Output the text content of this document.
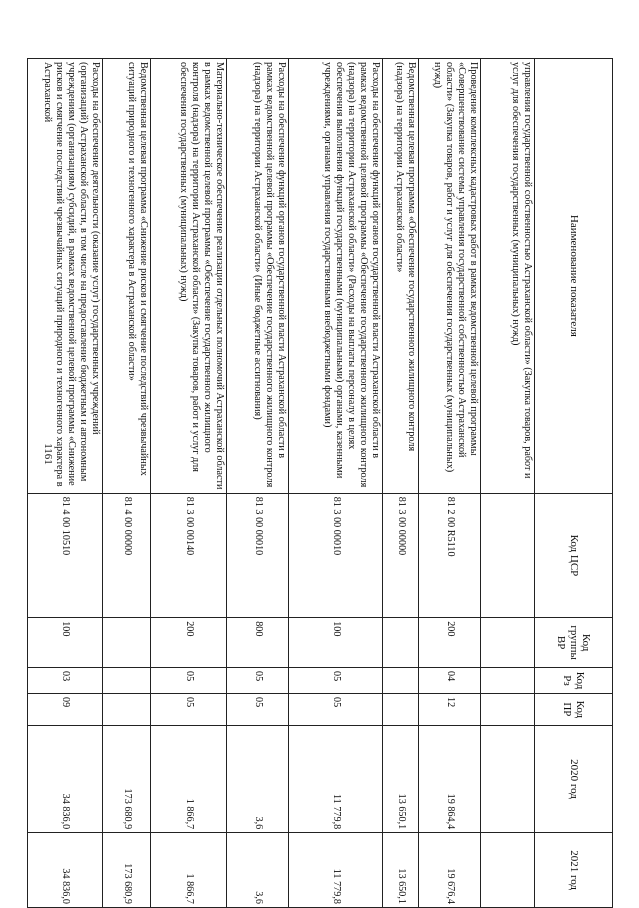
1161
Наименование показателя	Код ЦСР	Код группы ВР	Код Рз	Код ПР	2020 год	2021 год
управления государственной собственностью Астраханской области» (Закупка товаров, работ и услуг для обеспечения государственных (муниципальных) нужд)						
Проведение комплексных кадастровых работ в рамках ведомственной целевой программы «Совершенствование системы управления государственной собственностью Астраханской области» (Закупка товаров, работ и услуг для обеспечения государственных (муниципальных) нужд)	81 2 00 R5110	200	04	12	19 864,4	19 676,4
Ведомственная целевая программа «Обеспечение государственного жилищного контроля (надзора) на территории Астраханской области»	81 3 00 00000				13 650,1	13 650,1
Расходы на обеспечение функций органов государственной власти Астраханской области в рамках ведомственной целевой программы «Обеспечение государственного жилищного контроля (надзора) на территории Астраханской области» (Расходы на выплаты персоналу в целях обеспечения выполнения функций государственными (муниципальными) органами, казенными учреждениями, органами управления государственными внебюджетными фондами)	81 3 00 00010	100	05	05	11 779,8	11 779,8
Расходы на обеспечение функций органов государственной власти Астраханской области в рамках ведомственной целевой программы «Обеспечение государственного жилищного контроля (надзора) на территории Астраханской области» (Иные бюджетные ассигнования)	81 3 00 00010	800	05	05	3,6	3,6
Материально-техническое обеспечение реализации отдельных полномочий Астраханской области в рамках ведомственной целевой программы «Обеспечение государственного жилищного контроля (надзора) на территории Астраханской области» (Закупка товаров, работ и услуг для обеспечения государственных (муниципальных) нужд)	81 3 00 00140	200	05	05	1 866,7	1 866,7
Ведомственная целевая программа «Снижение рисков и смягчение последствий чрезвычайных ситуаций природного и техногенного характера в Астраханской области»	81 4 00 00000				173 680,9	173 680,9
Расходы на обеспечение деятельности (оказание услуг) государственных учреждений (организаций) Астраханской области, в том числе на предоставление бюджетным и автономным учреждениям (организациям) субсидий, в рамках ведомственной целевой программы «Снижение рисков и смягчение последствий чрезвычайных ситуаций природного и техногенного характера в Астраханской	81 4 00 10510	100	03	09	34 836,0	34 836,0
